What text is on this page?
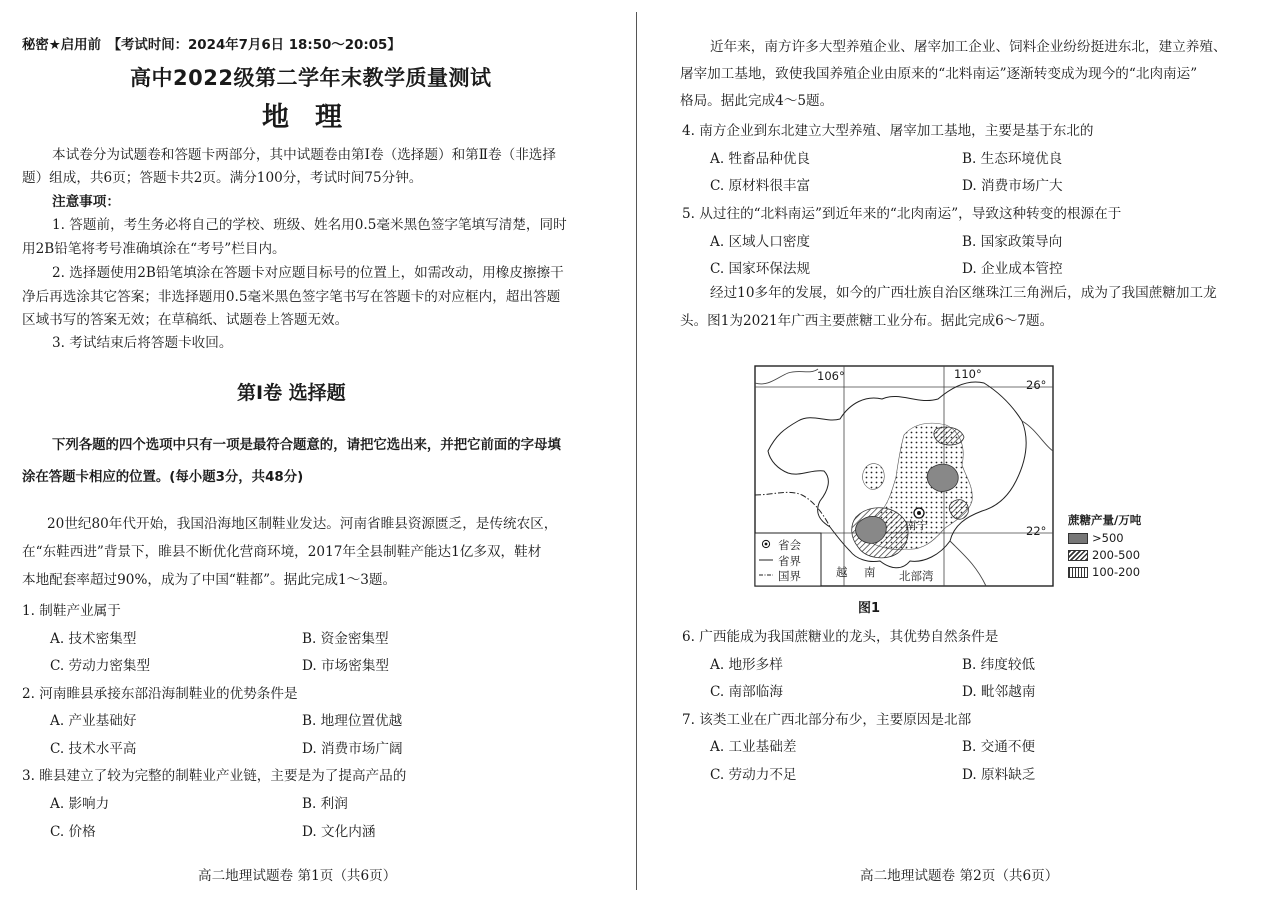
秘密★启用前　【考试时间：2024年7月6日 18:50～20:05】
高中2022级第二学年末教学质量测试
地理
本试卷分为试题卷和答题卡两部分，其中试题卷由第Ⅰ卷（选择题）和第Ⅱ卷（非选择
题）组成，共6页；答题卡共2页。满分100分，考试时间75分钟。
注意事项：
1. 答题前，考生务必将自己的学校、班级、姓名用0.5毫米黑色签字笔填写清楚，同时
用2B铅笔将考号准确填涂在“考号”栏目内。
2. 选择题使用2B铅笔填涂在答题卡对应题目标号的位置上，如需改动，用橡皮擦擦干
净后再选涂其它答案；非选择题用0.5毫米黑色签字笔书写在答题卡的对应框内，超出答题
区域书写的答案无效；在草稿纸、试题卷上答题无效。
3. 考试结束后将答题卡收回。
第Ⅰ卷 选择题
下列各题的四个选项中只有一项是最符合题意的，请把它选出来，并把它前面的字母填
涂在答题卡相应的位置。(每小题3分，共48分)
20世纪80年代开始，我国沿海地区制鞋业发达。河南省睢县资源匮乏，是传统农区，
在“东鞋西进”背景下，睢县不断优化营商环境，2017年全县制鞋产能达1亿多双，鞋材
本地配套率超过90%，成为了中国“鞋都”。据此完成1～3题。
1. 制鞋产业属于
A. 技术密集型	B. 资金密集型
C. 劳动力密集型	D. 市场密集型
2. 河南睢县承接东部沿海制鞋业的优势条件是
A. 产业基础好	B. 地理位置优越
C. 技术水平高	D. 消费市场广阔
3. 睢县建立了较为完整的制鞋业产业链，主要是为了提高产品的
A. 影响力	B. 利润
C. 价格	D. 文化内涵
高二地理试题卷 第1页（共6页）
近年来，南方许多大型养殖企业、屠宰加工企业、饲料企业纷纷挺进东北，建立养殖、
屠宰加工基地，致使我国养殖企业由原来的“北料南运”逐渐转变成为现今的“北肉南运”
格局。据此完成4～5题。
4. 南方企业到东北建立大型养殖、屠宰加工基地，主要是基于东北的
A. 牲畜品种优良	B. 生态环境优良
C. 原材料很丰富	D. 消费市场广大
5. 从过往的“北料南运”到近年来的“北肉南运”，导致这种转变的根源在于
A. 区域人口密度	B. 国家政策导向
C. 国家环保法规	D. 企业成本管控
经过10多年的发展，如今的广西壮族自治区继珠江三角洲后，成为了我国蔗糖加工龙
头。图1为2021年广西主要蔗糖工业分布。据此完成6～7题。
106°	110°
26°
22°
南宁
越 南 北部湾
省会
省界
国界
蔗糖产量/万吨
>500
200-500
100-200
图1
6. 广西能成为我国蔗糖业的龙头，其优势自然条件是
A. 地形多样	B. 纬度较低
C. 南部临海	D. 毗邻越南
7. 该类工业在广西北部分布少，主要原因是北部
A. 工业基础差	B. 交通不便
C. 劳动力不足	D. 原料缺乏
高二地理试题卷 第2页（共6页）
